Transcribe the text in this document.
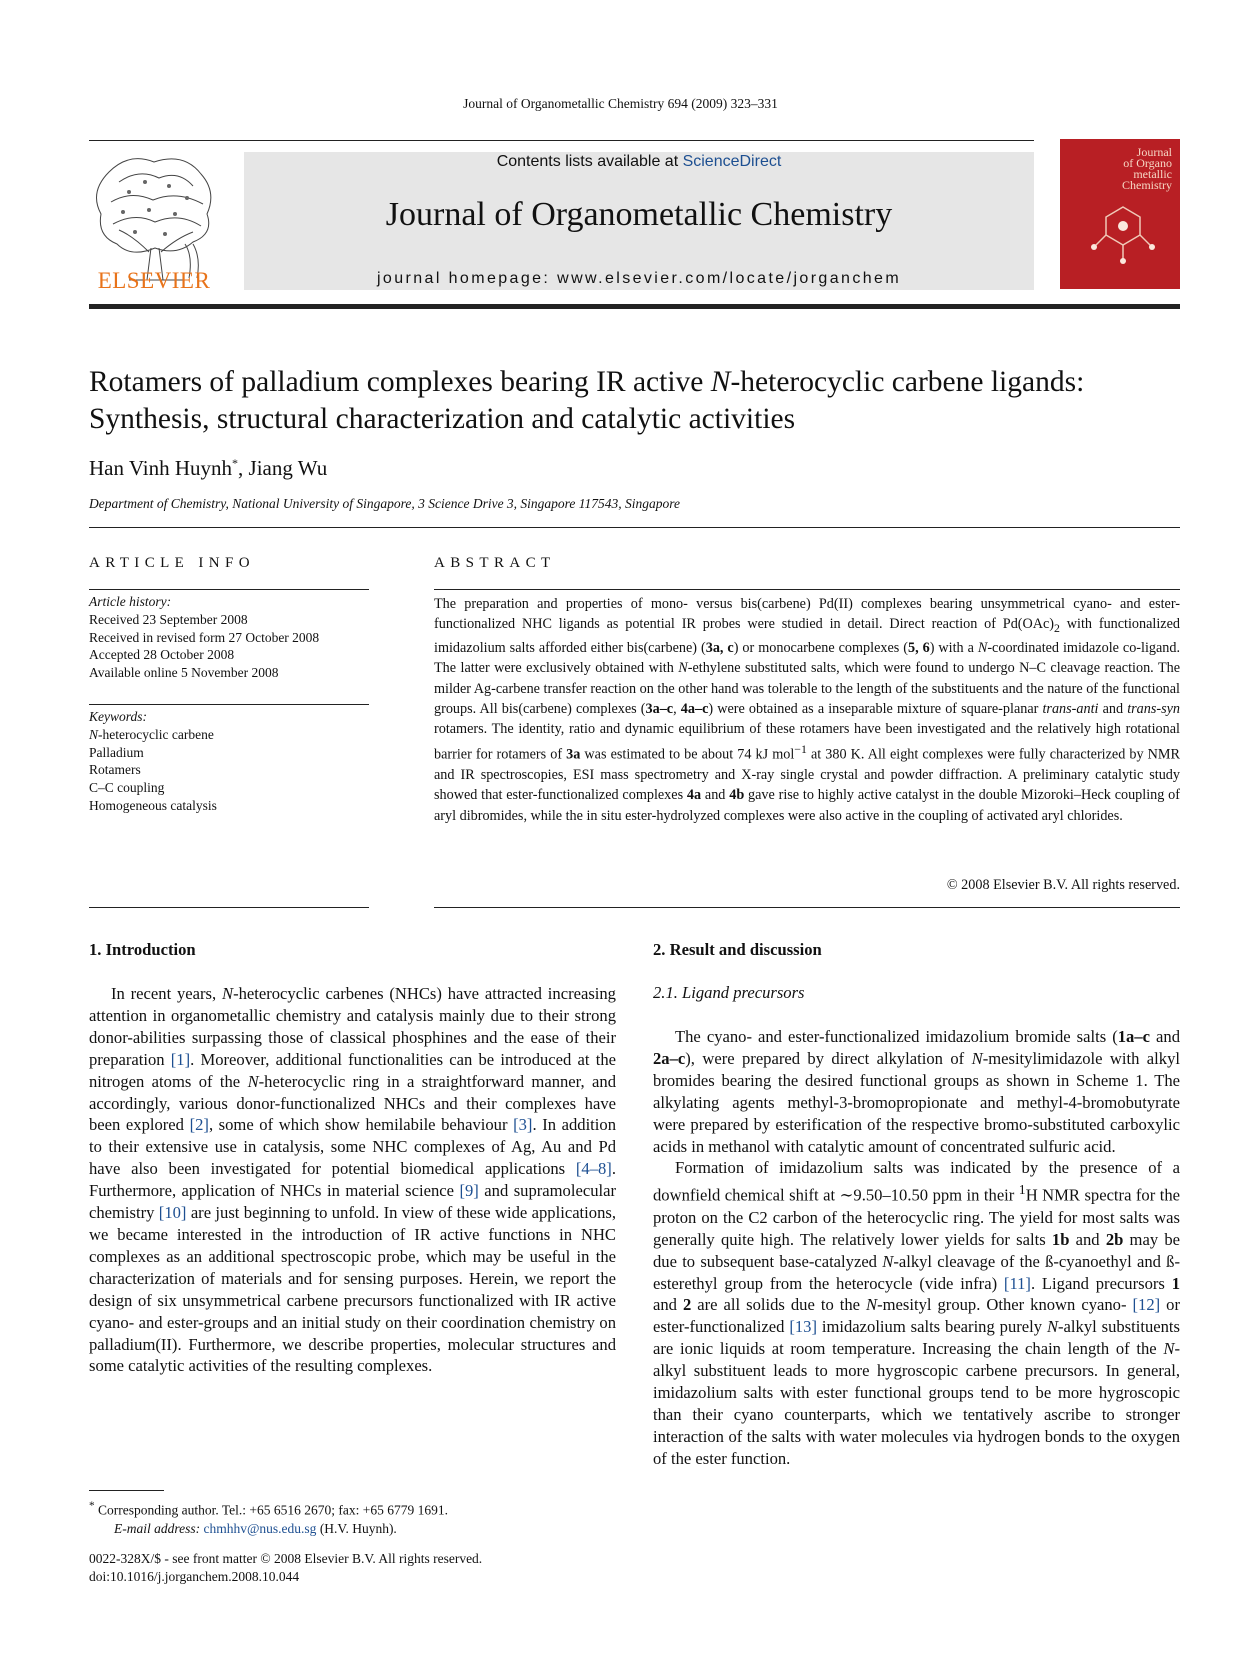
Journal of Organometallic Chemistry 694 (2009) 323–331
ELSEVIER
Contents lists available at ScienceDirect
Journal of Organometallic Chemistry
journal homepage: www.elsevier.com/locate/jorganchem
Journal
of Organo
metallic
Chemistry
Rotamers of palladium complexes bearing IR active N-heterocyclic carbene ligands:
Synthesis, structural characterization and catalytic activities
Han Vinh Huynh*, Jiang Wu
Department of Chemistry, National University of Singapore, 3 Science Drive 3, Singapore 117543, Singapore
ARTICLE INFO
Article history:
Received 23 September 2008
Received in revised form 27 October 2008
Accepted 28 October 2008
Available online 5 November 2008
Keywords:
N-heterocyclic carbene
Palladium
Rotamers
C–C coupling
Homogeneous catalysis
ABSTRACT
The preparation and properties of mono- versus bis(carbene) Pd(II) complexes bearing unsymmetrical cyano- and ester-functionalized NHC ligands as potential IR probes were studied in detail. Direct reaction of $Pd(OAc)_2$ with functionalized imidazolium salts afforded either bis(carbene) (3a, c) or monocarbene complexes (5, 6) with a N-coordinated imidazole co-ligand. The latter were exclusively obtained with N-ethylene substituted salts, which were found to undergo N–C cleavage reaction. The milder Ag-carbene transfer reaction on the other hand was tolerable to the length of the substituents and the nature of the functional groups. All bis(carbene) complexes (3a–c, 4a–c) were obtained as a inseparable mixture of square-planar trans-anti and trans-syn rotamers. The identity, ratio and dynamic equilibrium of these rotamers have been investigated and the relatively high rotational barrier for rotamers of 3a was estimated to be about 74 kJ mol$^{-1}$ at 380 K. All eight complexes were fully characterized by NMR and IR spectroscopies, ESI mass spectrometry and X-ray single crystal and powder diffraction. A preliminary catalytic study showed that ester-functionalized complexes 4a and 4b gave rise to highly active catalyst in the double Mizoroki–Heck coupling of aryl dibromides, while the in situ ester-hydrolyzed complexes were also active in the coupling of activated aryl chlorides.
© 2008 Elsevier B.V. All rights reserved.
1. Introduction

In recent years, N-heterocyclic carbenes (NHCs) have attracted increasing attention in organometallic chemistry and catalysis mainly due to their strong donor-abilities surpassing those of classical phosphines and the ease of their preparation [1]. Moreover, additional functionalities can be introduced at the nitrogen atoms of the N-heterocyclic ring in a straightforward manner, and accordingly, various donor-functionalized NHCs and their complexes have been explored [2], some of which show hemilabile behaviour [3]. In addition to their extensive use in catalysis, some NHC complexes of Ag, Au and Pd have also been investigated for potential biomedical applications [4–8]. Furthermore, application of NHCs in material science [9] and supramolecular chemistry [10] are just beginning to unfold. In view of these wide applications, we became interested in the introduction of IR active functions in NHC complexes as an additional spectroscopic probe, which may be useful in the characterization of materials and for sensing purposes. Herein, we report the design of six unsymmetrical carbene precursors functionalized with IR active cyano- and ester-groups and an initial study on their coordination chemistry on palladium(II). Furthermore, we describe properties, molecular structures and some catalytic activities of the resulting complexes.

2. Result and discussion
2.1. Ligand precursors

The cyano- and ester-functionalized imidazolium bromide salts (1a–c and 2a–c), were prepared by direct alkylation of N-mesitylimidazole with alkyl bromides bearing the desired functional groups as shown in Scheme 1. The alkylating agents methyl-3-bromopropionate and methyl-4-bromobutyrate were prepared by esterification of the respective bromo-substituted carboxylic acids in methanol with catalytic amount of concentrated sulfuric acid.

Formation of imidazolium salts was indicated by the presence of a downfield chemical shift at ∼9.50–10.50 ppm in their $^1$H NMR spectra for the proton on the C2 carbon of the heterocyclic ring. The yield for most salts was generally quite high. The relatively lower yields for salts 1b and 2b may be due to subsequent base-catalyzed N-alkyl cleavage of the ß-cyanoethyl and ß-esterethyl group from the heterocycle (vide infra) [11]. Ligand precursors 1 and 2 are all solids due to the N-mesityl group. Other known cyano- [12] or ester-functionalized [13] imidazolium salts bearing purely N-alkyl substituents are ionic liquids at room temperature. Increasing the chain length of the N-alkyl substituent leads to more hygroscopic carbene precursors. In general, imidazolium salts with ester functional groups tend to be more hygroscopic than their cyano counterparts, which we tentatively ascribe to stronger interaction of the salts with water molecules via hydrogen bonds to the oxygen of the ester function.

* Corresponding author. Tel.: +65 6516 2670; fax: +65 6779 1691.
E-mail address: chmhhv@nus.edu.sg (H.V. Huynh).
0022-328X/$ - see front matter © 2008 Elsevier B.V. All rights reserved.
doi:10.1016/j.jorganchem.2008.10.044
